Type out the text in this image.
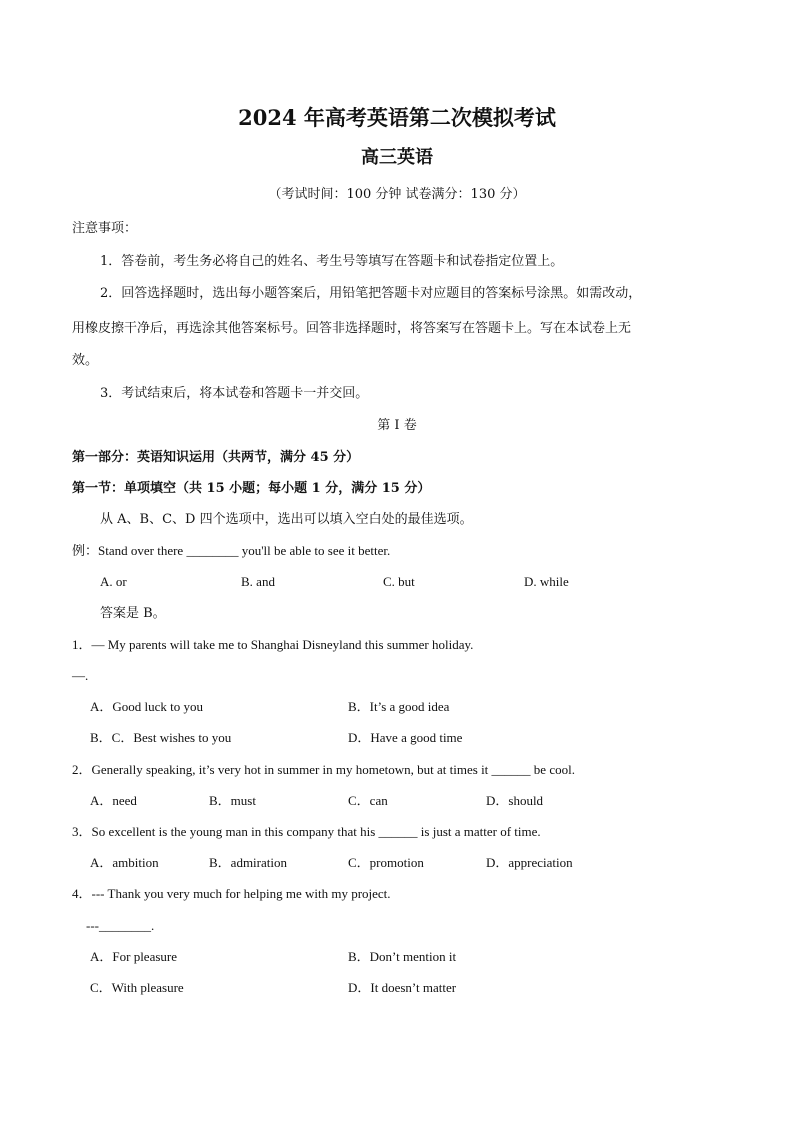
2024 年高考英语第二次模拟考试
高三英语
（考试时间：100 分钟 试卷满分：130 分）
注意事项：
1．答卷前，考生务必将自己的姓名、考生号等填写在答题卡和试卷指定位置上。
2．回答选择题时，选出每小题答案后，用铅笔把答题卡对应题目的答案标号涂黑。如需改动，
用橡皮擦干净后，再选涂其他答案标号。回答非选择题时，将答案写在答题卡上。写在本试卷上无
效。
3．考试结束后，将本试卷和答题卡一并交回。
第 I 卷
第一部分：英语知识运用（共两节，满分 45 分）
第一节：单项填空（共 15 小题；每小题 1 分，满分 15 分）
从 A、B、C、D 四个选项中，选出可以填入空白处的最佳选项。
例：Stand over there ________ you'll be able to see it better.
A. or	B. and	C. but	D. while
答案是 B。
1．— My parents will take me to Shanghai Disneyland this summer holiday.
—.
A．Good luck to you	B．It’s a good idea
B．C．Best wishes to you	D．Have a good time
2．Generally speaking, it’s very hot in summer in my hometown, but at times it ______ be cool.
A．need	B．must	C．can	D．should
3．So excellent is the young man in this company that his ______ is just a matter of time.
A．ambition	B．admiration	C．promotion	D．appreciation
4．--- Thank you very much for helping me with my project.
---________.
A．For pleasure	B．Don’t mention it
C．With pleasure	D．It doesn’t matter
